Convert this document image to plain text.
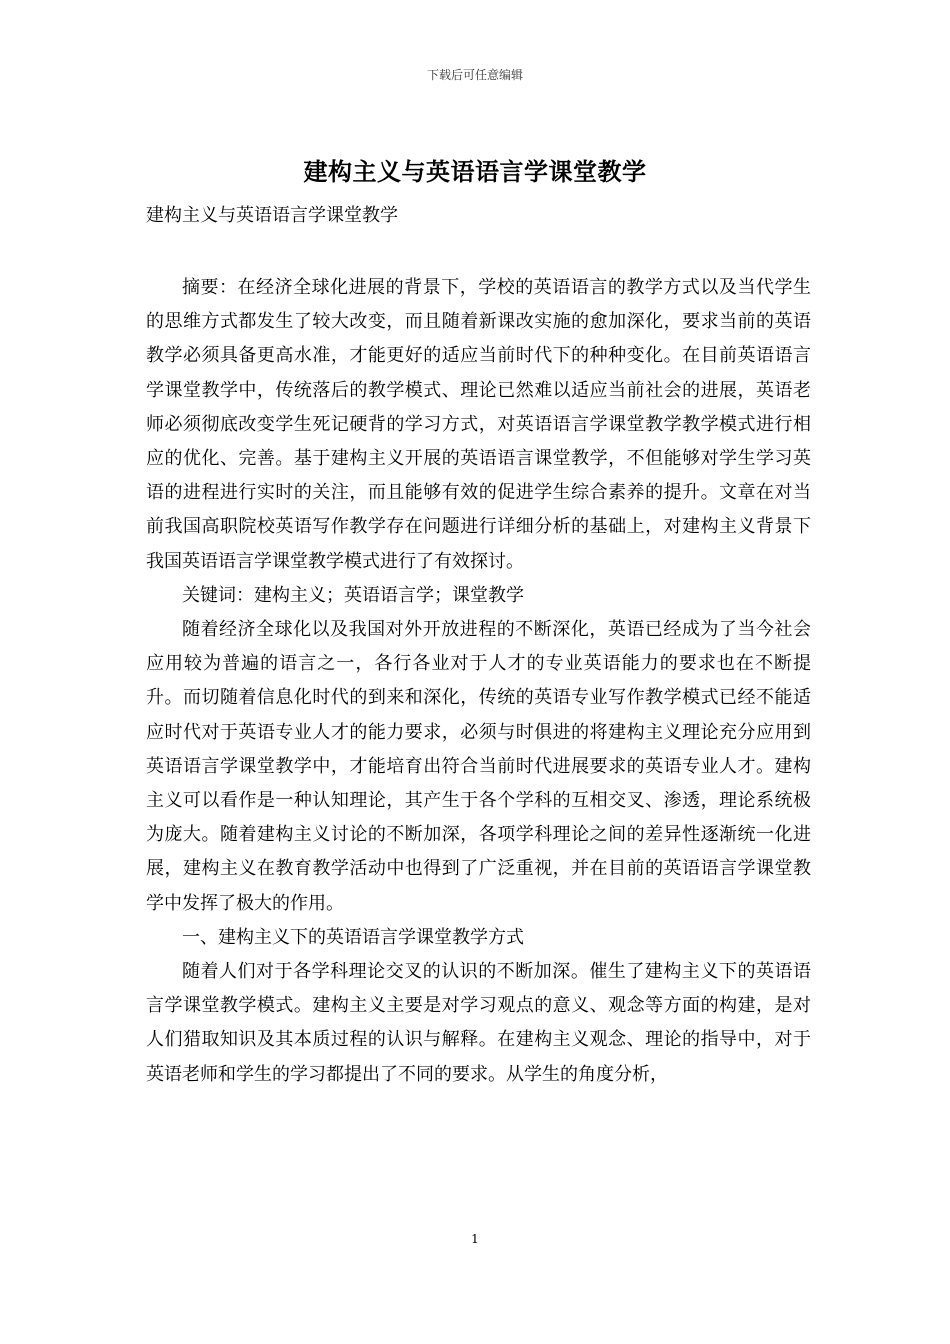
下载后可任意编辑
建构主义与英语语言学课堂教学
建构主义与英语语言学课堂教学

摘要：在经济全球化进展的背景下，学校的英语语言的教学方式以及当代学生的思维方式都发生了较大改变，而且随着新课改实施的愈加深化，要求当前的英语教学必须具备更高水准，才能更好的适应当前时代下的种种变化。在目前英语语言学课堂教学中，传统落后的教学模式、理论已然难以适应当前社会的进展，英语老师必须彻底改变学生死记硬背的学习方式，对英语语言学课堂教学教学模式进行相应的优化、完善。基于建构主义开展的英语语言课堂教学，不但能够对学生学习英语的进程进行实时的关注，而且能够有效的促进学生综合素养的提升。文章在对当前我国高职院校英语写作教学存在问题进行详细分析的基础上，对建构主义背景下我国英语语言学课堂教学模式进行了有效探讨。

关键词：建构主义；英语语言学；课堂教学

随着经济全球化以及我国对外开放进程的不断深化，英语已经成为了当今社会应用较为普遍的语言之一，各行各业对于人才的专业英语能力的要求也在不断提升。而切随着信息化时代的到来和深化，传统的英语专业写作教学模式已经不能适应时代对于英语专业人才的能力要求，必须与时俱进的将建构主义理论充分应用到英语语言学课堂教学中，才能培育出符合当前时代进展要求的英语专业人才。建构主义可以看作是一种认知理论，其产生于各个学科的互相交叉、渗透，理论系统极为庞大。随着建构主义讨论的不断加深，各项学科理论之间的差异性逐渐统一化进展，建构主义在教育教学活动中也得到了广泛重视，并在目前的英语语言学课堂教学中发挥了极大的作用。

一、建构主义下的英语语言学课堂教学方式

随着人们对于各学科理论交叉的认识的不断加深。催生了建构主义下的英语语言学课堂教学模式。建构主义主要是对学习观点的意义、观念等方面的构建，是对人们猎取知识及其本质过程的认识与解释。在建构主义观念、理论的指导中，对于英语老师和学生的学习都提出了不同的要求。从学生的角度分析，

1
